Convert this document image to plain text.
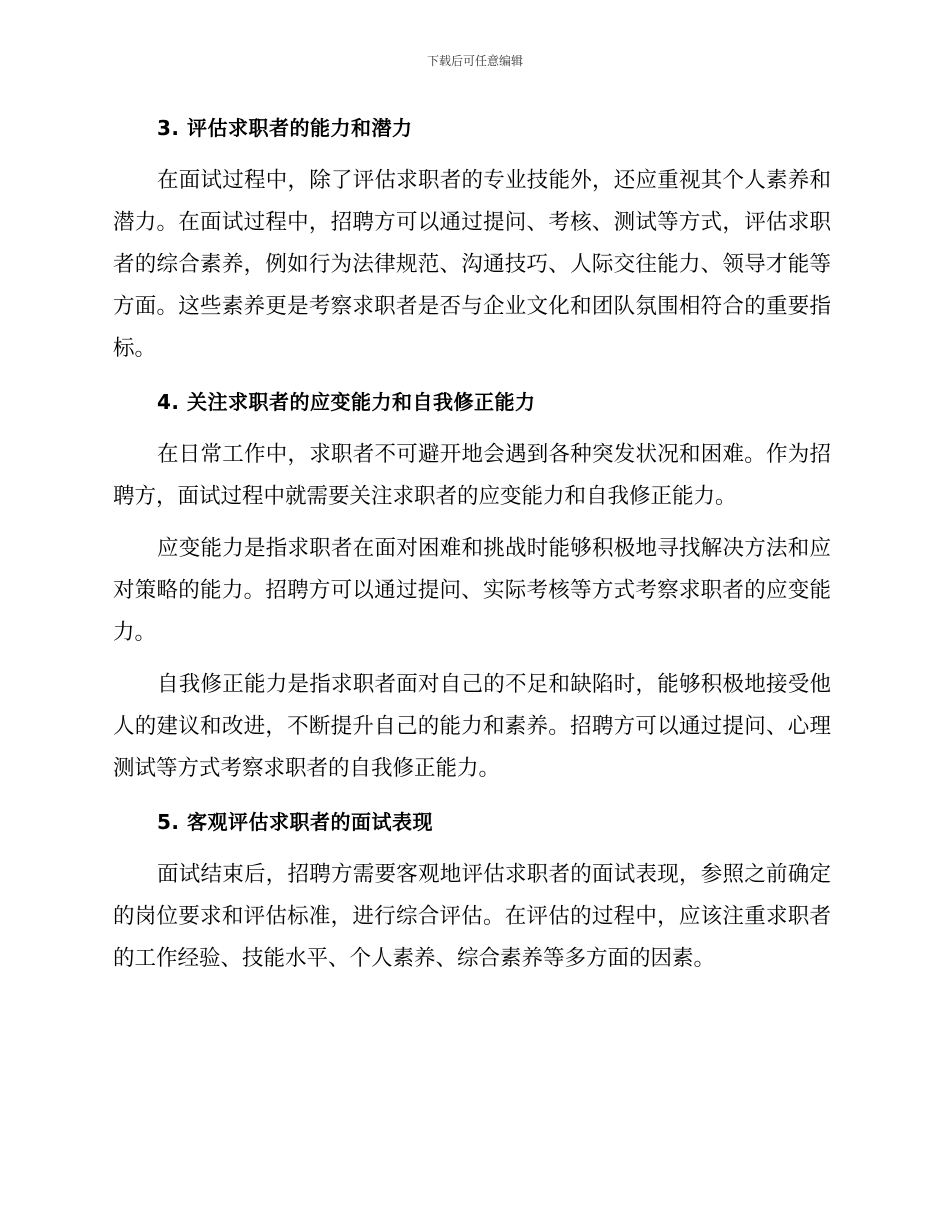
下载后可任意编辑
3. 评估求职者的能力和潜力

在面试过程中，除了评估求职者的专业技能外，还应重视其个人素养和潜力。在面试过程中，招聘方可以通过提问、考核、测试等方式，评估求职者的综合素养，例如行为法律规范、沟通技巧、人际交往能力、领导才能等方面。这些素养更是考察求职者是否与企业文化和团队氛围相符合的重要指标。

4. 关注求职者的应变能力和自我修正能力

在日常工作中，求职者不可避开地会遇到各种突发状况和困难。作为招聘方，面试过程中就需要关注求职者的应变能力和自我修正能力。

应变能力是指求职者在面对困难和挑战时能够积极地寻找解决方法和应对策略的能力。招聘方可以通过提问、实际考核等方式考察求职者的应变能力。

自我修正能力是指求职者面对自己的不足和缺陷时，能够积极地接受他人的建议和改进，不断提升自己的能力和素养。招聘方可以通过提问、心理测试等方式考察求职者的自我修正能力。

5. 客观评估求职者的面试表现

面试结束后，招聘方需要客观地评估求职者的面试表现，参照之前确定的岗位要求和评估标准，进行综合评估。在评估的过程中，应该注重求职者的工作经验、技能水平、个人素养、综合素养等多方面的因素。
